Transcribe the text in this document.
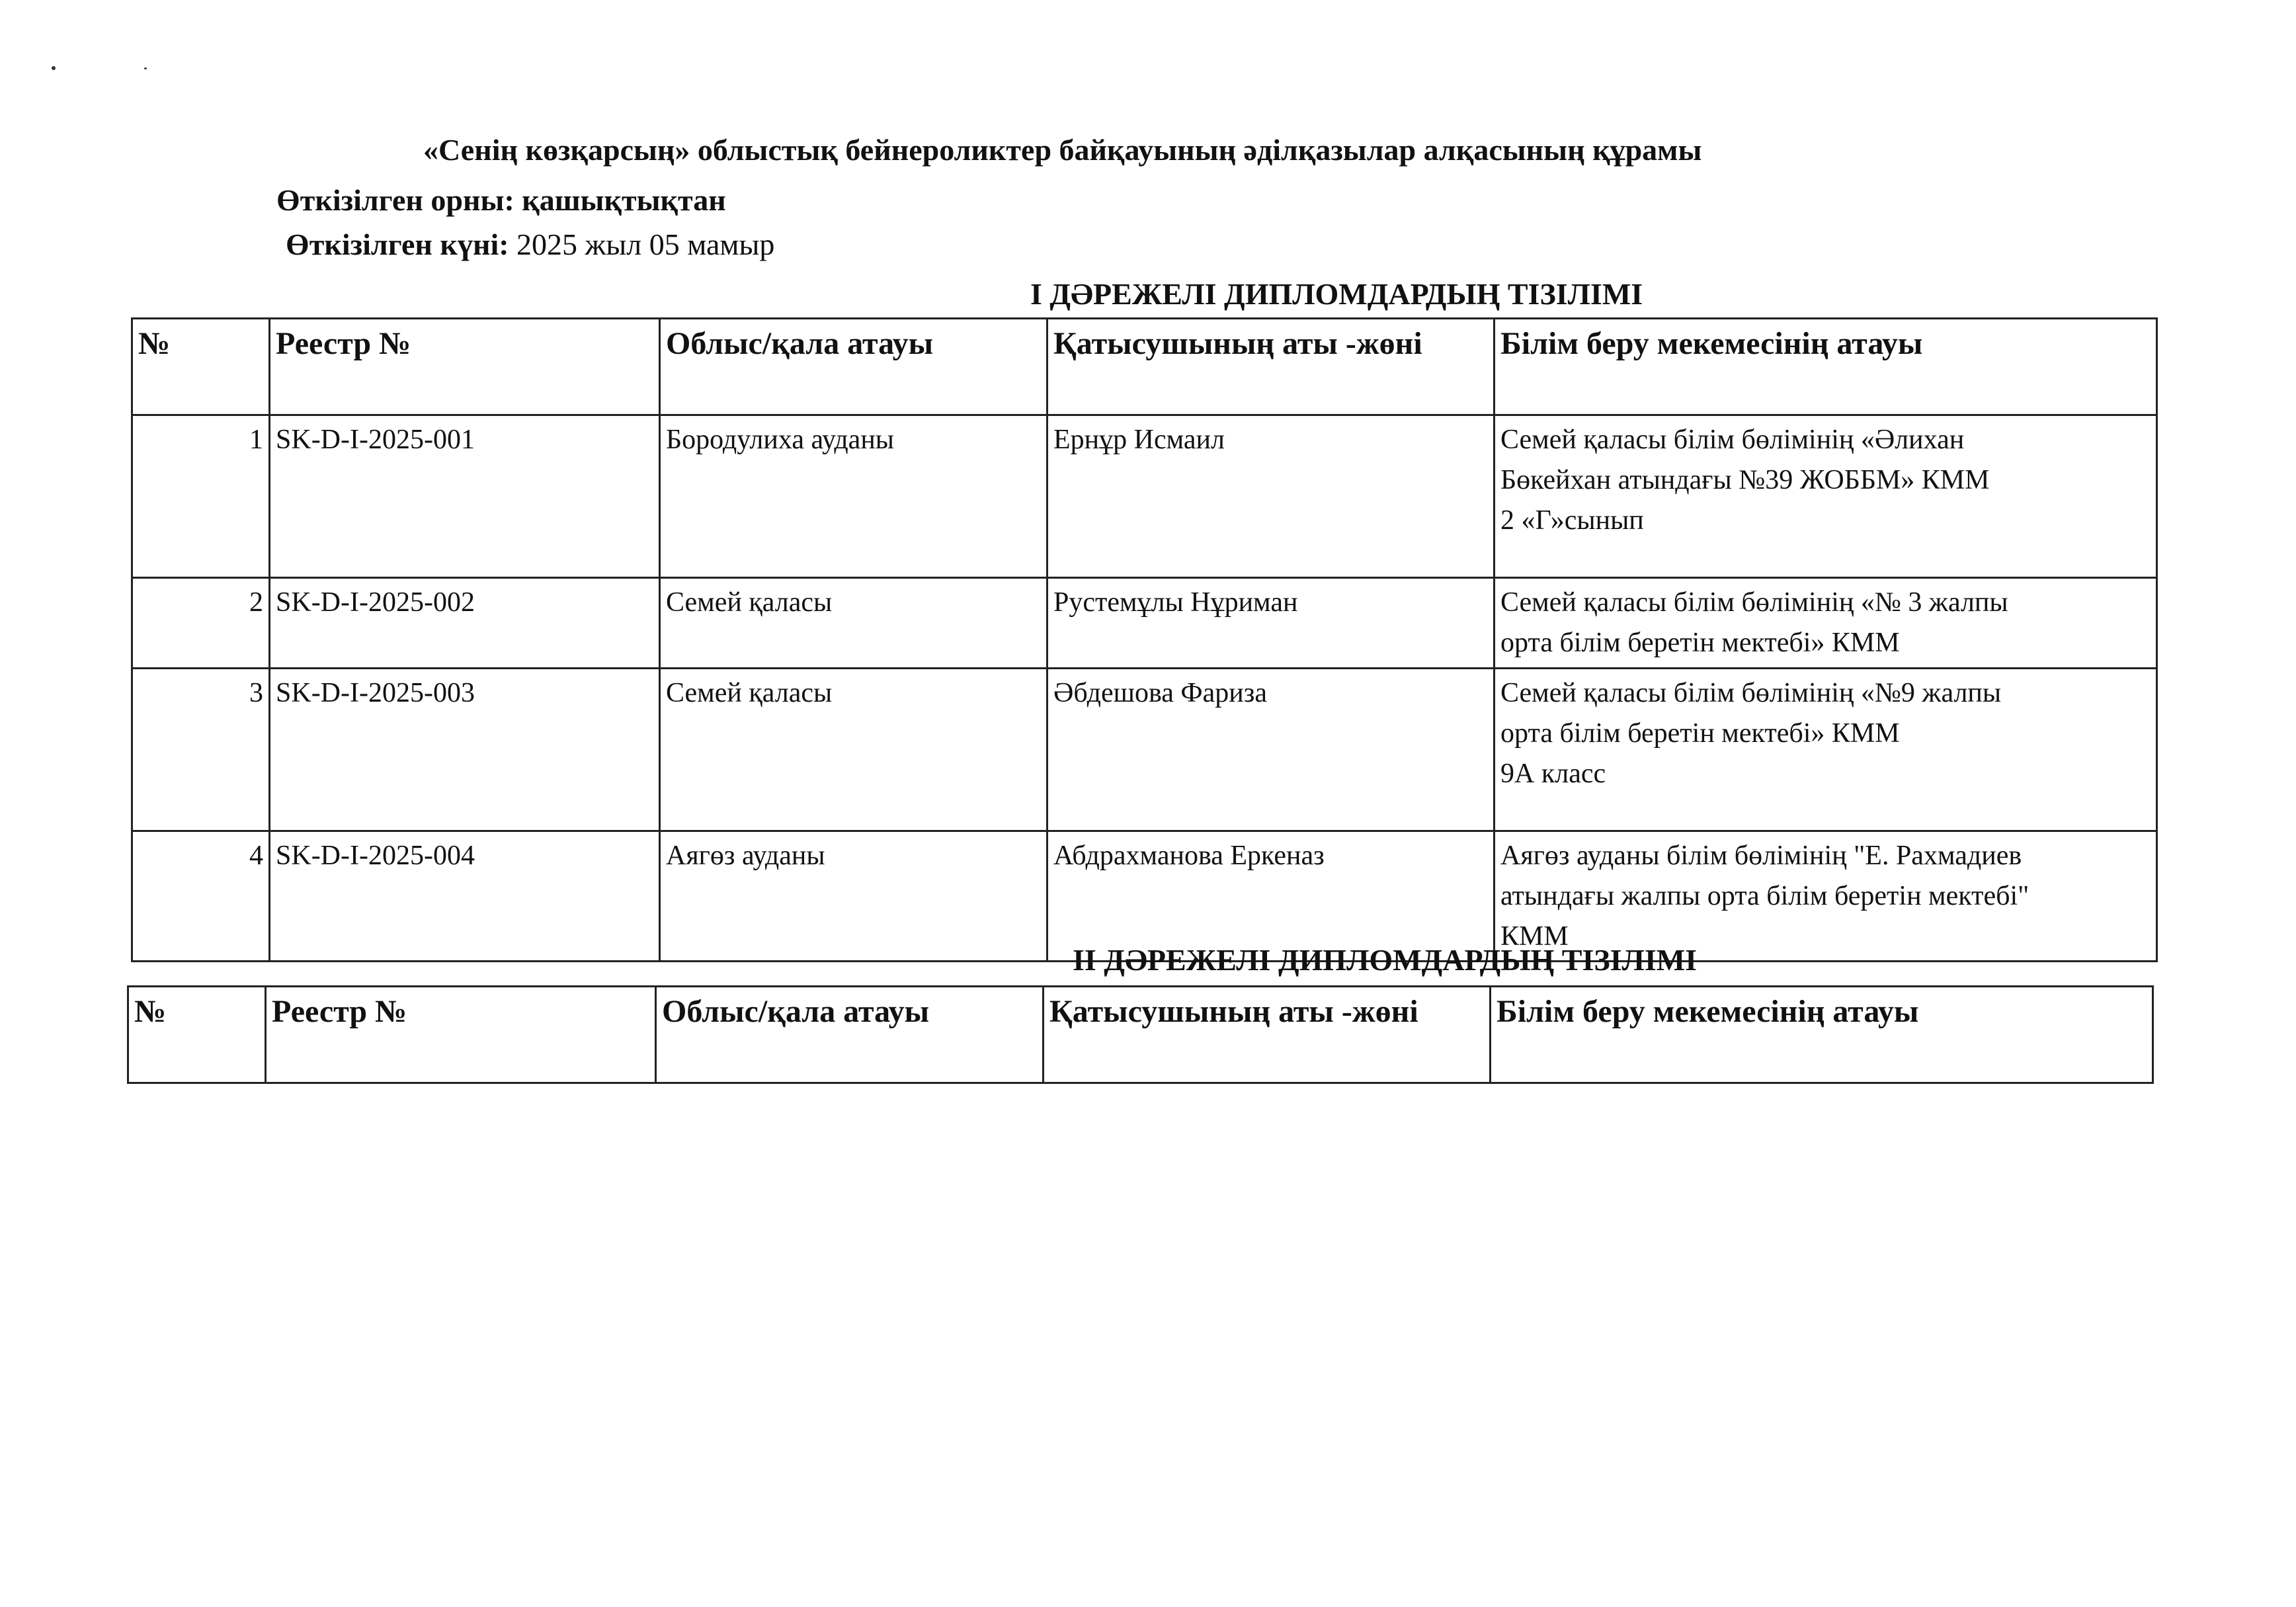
«Сенің көзқарсың» облыстық бейнероликтер байқауының әділқазылар алқасының құрамы
Өткізілген орны: қашықтықтан
Өткізілген күні: 2025 жыл 05 мамыр
І ДӘРЕЖЕЛІ ДИПЛОМДАРДЫҢ ТІЗІЛІМІ
№	Реестр №	Облыс/қала атауы	Қатысушының аты -жөні	Білім беру мекемесінің атауы
1	SK-D-I-2025-001	Бородулиха ауданы	Ернұр Исмаил	Семей қаласы білім бөлімінің «Әлихан
Бөкейхан атындағы №39 ЖОББМ» КММ
2 «Г»сынып

2	SK-D-I-2025-002	Семей қаласы	Рустемұлы Нұриман	Семей қаласы білім бөлімінің «№ 3 жалпы
орта білім беретін мектебі» КММ

3	SK-D-I-2025-003	Семей қаласы	Әбдешова Фариза	Семей қаласы білім бөлімінің «№9 жалпы
орта білім беретін мектебі» КММ
9А класс

4	SK-D-I-2025-004	Аягөз ауданы	Абдрахманова Еркеназ	Аягөз ауданы білім бөлімінің "Е. Рахмадиев
атындағы жалпы орта білім беретін мектебі"
КММ
ІІ ДӘРЕЖЕЛІ ДИПЛОМДАРДЫҢ ТІЗІЛІМІ
№	Реестр №	Облыс/қала атауы	Қатысушының аты -жөні	Білім беру мекемесінің атауы
